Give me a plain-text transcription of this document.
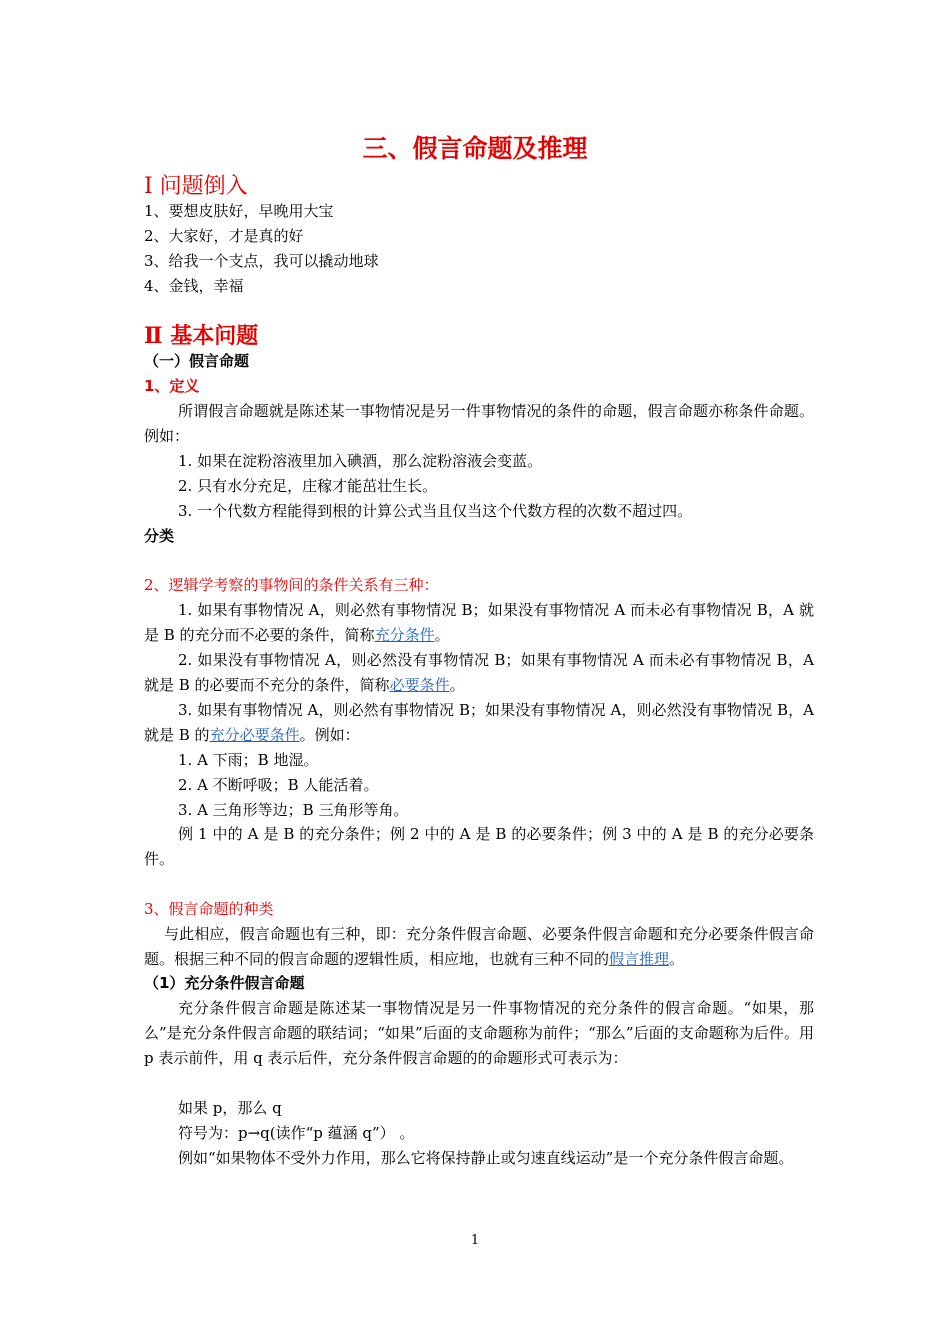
三、假言命题及推理
Ⅰ 问题倒入
1、要想皮肤好，早晚用大宝
2、大家好，才是真的好
3、给我一个支点，我可以撬动地球
4、金钱，幸福
Ⅱ 基本问题
（一）假言命题
1、定义

所谓假言命题就是陈述某一事物情况是另一件事物情况的条件的命题，假言命题亦称条件命题。例如：

1. 如果在淀粉溶液里加入碘酒，那么淀粉溶液会变蓝。
2. 只有水分充足，庄稼才能茁壮生长。
3. 一个代数方程能得到根的计算公式当且仅当这个代数方程的次数不超过四。
分类
2、逻辑学考察的事物间的条件关系有三种：

1. 如果有事物情况 A，则必然有事物情况 B；如果没有事物情况 A 而未必有事物情况 B，A 就是 B 的充分而不必要的条件，简称充分条件。

2. 如果没有事物情况 A，则必然没有事物情况 B；如果有事物情况 A 而未必有事物情况 B，A 就是 B 的必要而不充分的条件，简称必要条件。

3. 如果有事物情况 A，则必然有事物情况 B；如果没有事物情况 A，则必然没有事物情况 B，A 就是 B 的充分必要条件。例如：

1. A 下雨；B 地湿。
2. A 不断呼吸；B 人能活着。
3. A 三角形等边；B 三角形等角。

例 1 中的 A 是 B 的充分条件；例 2 中的 A 是 B 的必要条件；例 3 中的 A 是 B 的充分必要条件。

3、假言命题的种类

与此相应，假言命题也有三种，即：充分条件假言命题、必要条件假言命题和充分必要条件假言命题。根据三种不同的假言命题的逻辑性质，相应地，也就有三种不同的假言推理。

（1）充分条件假言命题

充分条件假言命题是陈述某一事物情况是另一件事物情况的充分条件的假言命题。“如果，那么”是充分条件假言命题的联结词；“如果”后面的支命题称为前件；“那么”后面的支命题称为后件。用 p 表示前件，用 q 表示后件，充分条件假言命题的的命题形式可表示为：

如果 p，那么 q
符号为：p→q(读作“p 蕴涵 q”） 。

例如“如果物体不受外力作用，那么它将保持静止或匀速直线运动”是一个充分条件假言命题。

1
